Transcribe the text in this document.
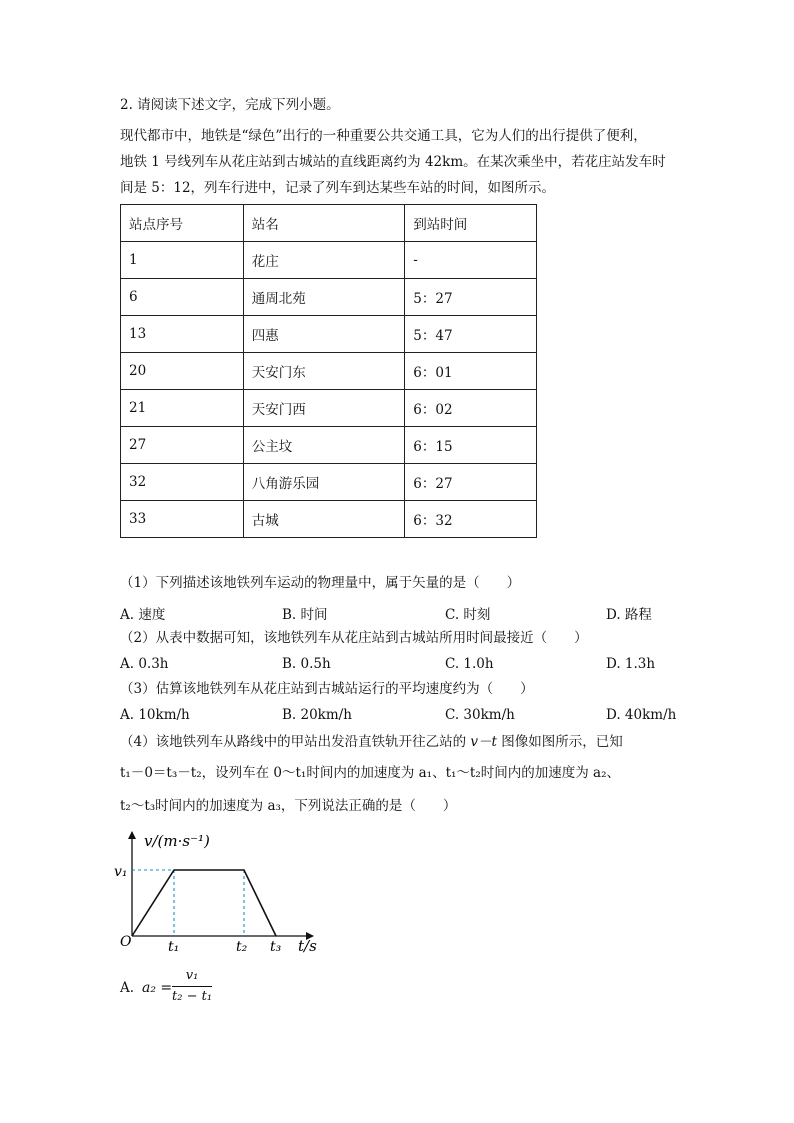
2. 请阅读下述文字，完成下列小题。
现代都市中，地铁是“绿色”出行的一种重要公共交通工具，它为人们的出行提供了便利，
地铁 1 号线列车从花庄站到古城站的直线距离约为 42km。在某次乘坐中，若花庄站发车时
间是 5：12，列车行进中，记录了列车到达某些车站的时间，如图所示。
站点序号	站名	到站时间
1	花庄	-
6	通周北苑	5：27
13	四惠	5：47
20	天安门东	6：01
21	天安门西	6：02
27	公主坟	6：15
32	八角游乐园	6：27
33	古城	6：32
（1）下列描述该地铁列车运动的物理量中，属于矢量的是（　　）
A. 速度	B. 时间	C. 时刻	D. 路程
（2）从表中数据可知，该地铁列车从花庄站到古城站所用时间最接近（　　）
A. 0.3h	B. 0.5h	C. 1.0h	D. 1.3h
（3）估算该地铁列车从花庄站到古城站运行的平均速度约为（　　）
A. 10km/h	B. 20km/h	C. 30km/h	D. 40km/h
（4）该地铁列车从路线中的甲站出发沿直铁轨开往乙站的 v－t 图像如图所示，已知
t₁－0＝t₃－t₂，设列车在 0～t₁时间内的加速度为 a₁、t₁～t₂时间内的加速度为 a₂、
t₂～t₃时间内的加速度为 a₃，下列说法正确的是（　　）
v/(m·s⁻¹)
v₁
O	t₁	t₂ t₃ t/s
A. a₂ =
v₁
t₂ − t₁
